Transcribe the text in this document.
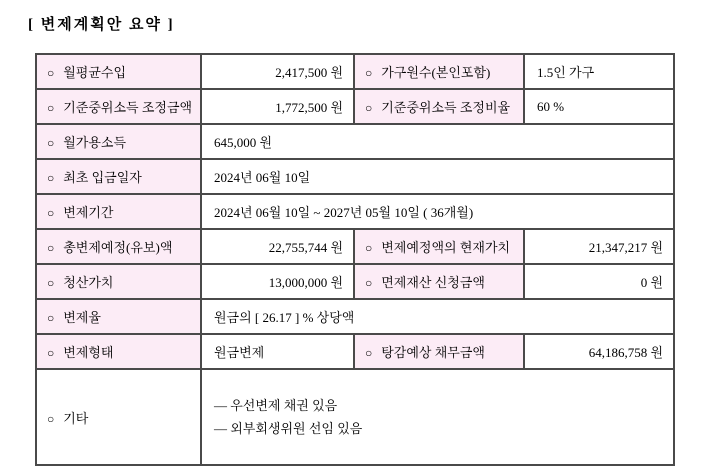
[ 변제계획안 요약 ]
○ 월평균수입	2,417,500 원	○ 가구원수(본인포함)	1.5인 가구
○ 기준중위소득 조정금액	1,772,500 원	○ 기준중위소득 조정비율	60 %
○ 월가용소득	645,000 원		
○ 최초 입금일자	2024년 06월 10일		
○ 변제기간	2024년 06월 10일 ~ 2027년 05월 10일 ( 36개월)		
○ 총변제예정(유보)액	22,755,744 원	○ 변제예정액의 현재가치	21,347,217 원
○ 청산가치	13,000,000 원	○ 면제재산 신청금액	0 원
○ 변제율	원금의 [ 26.17 ] % 상당액		
○ 변제형태	원금변제	○ 탕감예상 채무금액	64,186,758 원
○ 기타	— 우선변제 채권 있음
— 외부회생위원 선임 있음		
